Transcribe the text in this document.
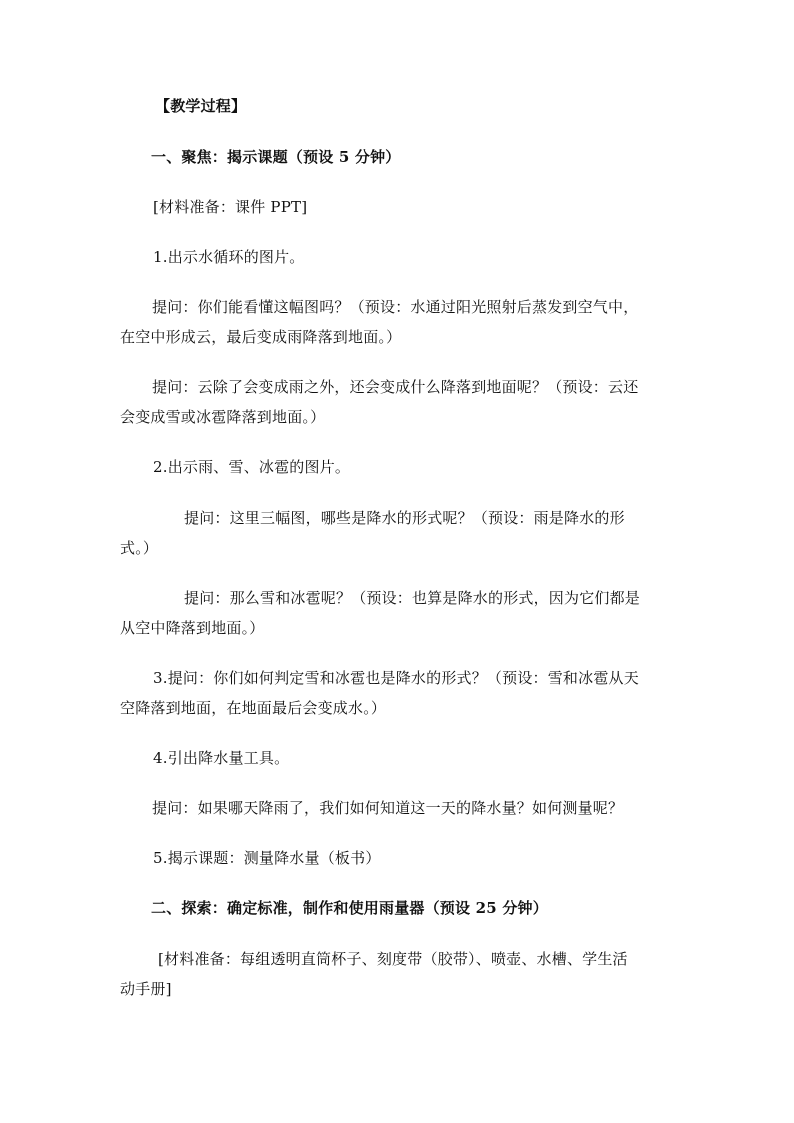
【教学过程】
一、聚焦：揭示课题（预设 5 分钟）
[材料准备：课件 PPT]
1.出示水循环的图片。
提问：你们能看懂这幅图吗？（预设：水通过阳光照射后蒸发到空气中，
在空中形成云，最后变成雨降落到地面。）
提问：云除了会变成雨之外，还会变成什么降落到地面呢？（预设：云还
会变成雪或冰雹降落到地面。）
2.出示雨、雪、冰雹的图片。
提问：这里三幅图，哪些是降水的形式呢？（预设：雨是降水的形
式。）
提问：那么雪和冰雹呢？（预设：也算是降水的形式，因为它们都是
从空中降落到地面。）
3.提问：你们如何判定雪和冰雹也是降水的形式？（预设：雪和冰雹从天
空降落到地面，在地面最后会变成水。）
4.引出降水量工具。
提问：如果哪天降雨了，我们如何知道这一天的降水量？如何测量呢？
5.揭示课题：测量降水量（板书）
二、探索：确定标准，制作和使用雨量器（预设 25 分钟）
[材料准备：每组透明直筒杯子、刻度带（胶带）、喷壶、水槽、学生活
动手册]
